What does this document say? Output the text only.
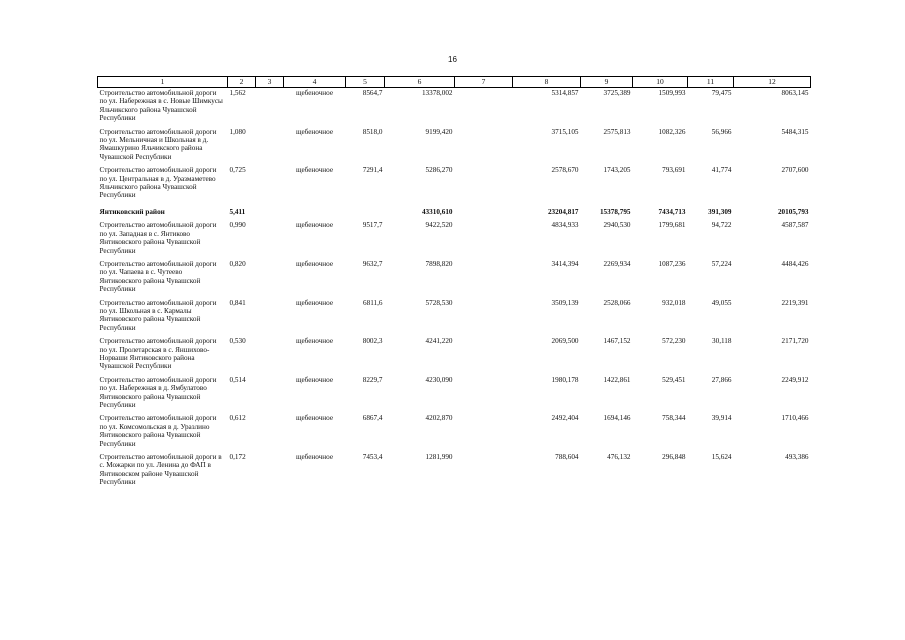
16
1	2	3	4	5	6	7	8	9	10	11	12
Строительство автомобильной дороги по ул. Набережная в с. Новые Шимкусы Яльчикского района Чувашской Республики	1,562		щебеночное	8564,7	13378,002		5314,857	3725,389	1509,993	79,475	8063,145
Строительство автомобильной дороги по ул. Мельничная и Школьная в д. Ямашкурино Яльчикского района Чувашской Республики	1,080		щебеночное	8518,0	9199,420		3715,105	2575,813	1082,326	56,966	5484,315
Строительство автомобильной дороги по ул. Центральная в д. Уразмаметево Яльчикского района Чувашской Республики	0,725		щебеночное	7291,4	5286,270		2578,670	1743,205	793,691	41,774	2707,600
Янтиковский район	5,411				43310,610		23204,817	15378,795	7434,713	391,309	20105,793
Строительство автомобильной дороги по ул. Западная в с. Янтиково Янтиковского района Чувашской Республики	0,990		щебеночное	9517,7	9422,520		4834,933	2940,530	1799,681	94,722	4587,587
Строительство автомобильной дороги по ул. Чапаева в с. Чутеево Янтиковского района Чувашской Республики	0,820		щебеночное	9632,7	7898,820		3414,394	2269,934	1087,236	57,224	4484,426
Строительство автомобильной дороги по ул. Школьная в с. Кармалы Янтиковского района Чувашской Республики	0,841		щебеночное	6811,6	5728,530		3509,139	2528,066	932,018	49,055	2219,391
Строительство автомобильной дороги по ул. Пролетарская в с. Яншихово-Норваши Янтиковского района Чувашской Республики	0,530		щебеночное	8002,3	4241,220		2069,500	1467,152	572,230	30,118	2171,720
Строительство автомобильной дороги по ул. Набережная в д. Ямбулатово Янтиковского района Чувашской Республики	0,514		щебеночное	8229,7	4230,090		1980,178	1422,861	529,451	27,866	2249,912
Строительство автомобильной дороги по ул. Комсомольская в д. Уразлино Янтиковского района Чувашской Республики	0,612		щебеночное	6867,4	4202,870		2492,404	1694,146	758,344	39,914	1710,466
Строительство автомобильной дороги в с. Можарки по ул. Ленина до ФАП в Янтиковском районе Чувашской Республики	0,172		щебеночное	7453,4	1281,990		788,604	476,132	296,848	15,624	493,386
